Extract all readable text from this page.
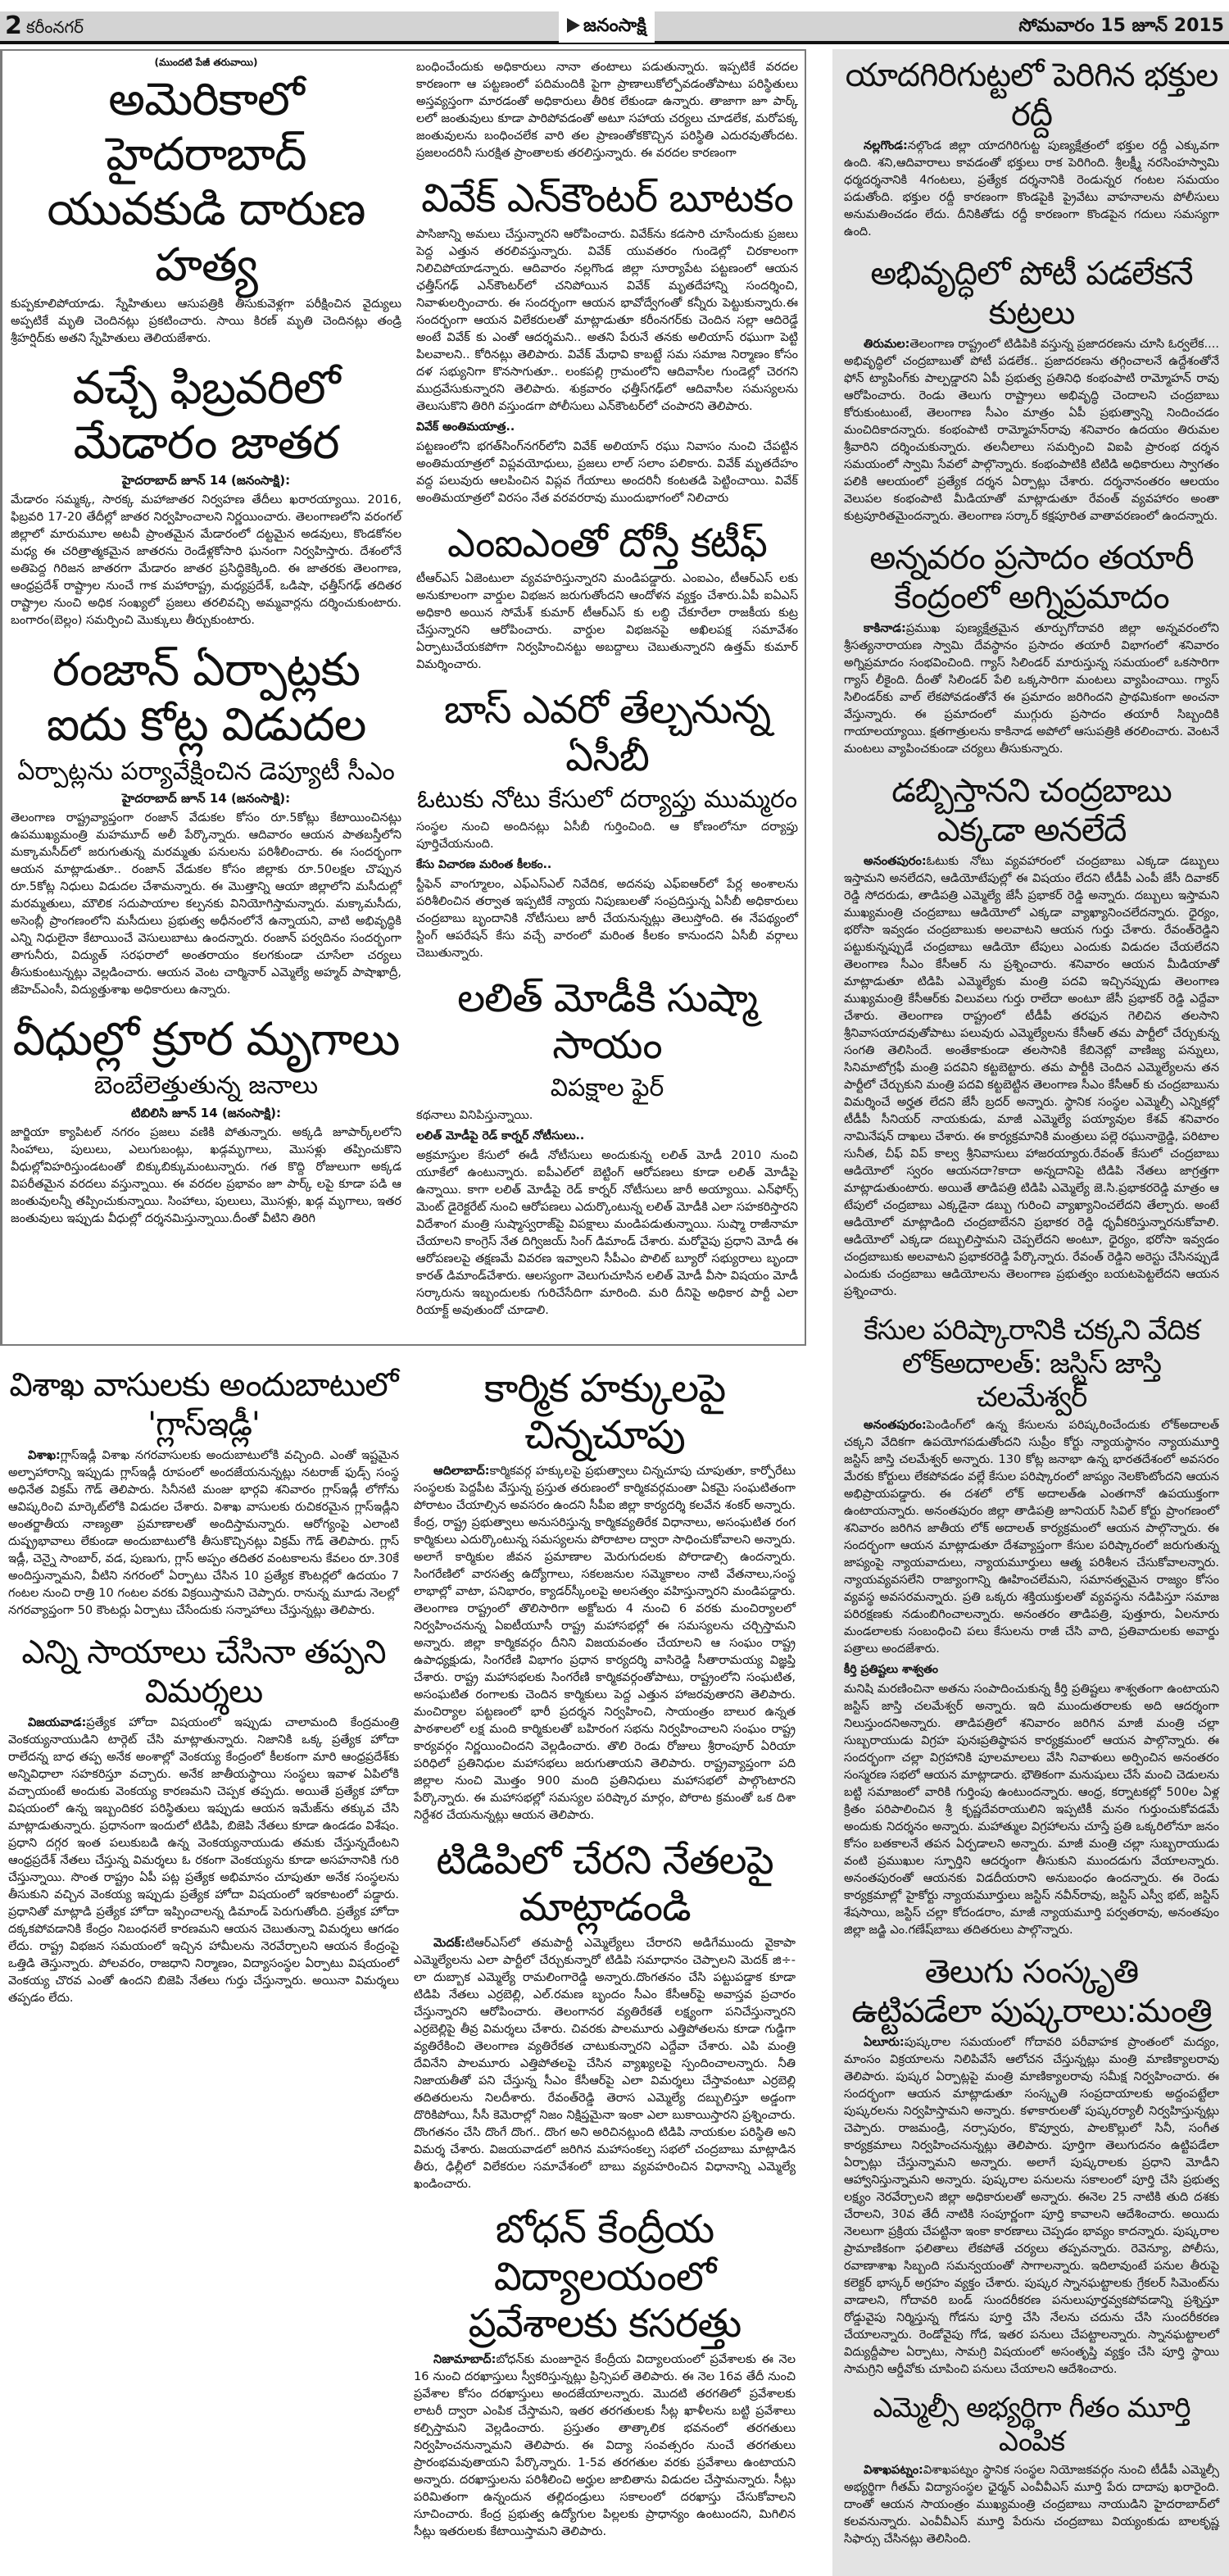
2 కరీంనగర్	జనంసాక్షి	సోమవారం 15 జూన్ 2015

(ముందటి పేజీ తరువాయి)

అమెరికాలో హైదరాబాద్
యువకుడి దారుణ హత్య

కుప్పకూలిపోయాడు. స్నేహితులు ఆసుపత్రికి తీసుకువెళ్లగా పరీక్షించిన వైద్యులు అప్పటికే మృతి చెందినట్లు ప్రకటించారు. సాయి కిరణ్ మృతి చెందినట్లు తండ్రి శ్రీహర్షిద్‌కు అతని స్నేహితులు తెలియజేశారు.

వచ్చే ఫిబ్రవరిలో
మేడారం జాతర

హైదరాబాద్ జూన్ 14 (జనంసాక్షి):

మేడారం సమ్మక్క, సారక్క మహాజాతర నిర్వహణ తేదీలు ఖరారయ్యాయి. 2016, ఫిబ్రవరి 17-20 తేదీల్లో జాతర నిర్వహించాలని నిర్ణయించారు. తెలంగాణలోని వరంగల్ జిల్లాలో మారుమూల అటవీ ప్రాంతమైన మేడారంలో దట్టమైన అడవులు, కొండకోనల మధ్య ఈ చరిత్రాత్మకమైన జాతరను రెండేళ్లకోసారి ఘనంగా నిర్వహిస్తారు. దేశంలోనే అతిపెద్ద గిరిజన జాతరగా మేడారం జాతర ప్రసిద్ధికెక్కింది. ఈ జాతరకు తెలంగాణ, ఆంధ్రప్రదేశ్ రాష్ట్రాల నుంచే గాక మహారాష్ట్ర, మధ్యప్రదేశ్, ఒడిషా, ఛత్తీస్‌గఢ్ తదితర రాష్ట్రాల నుంచి అధిక సంఖ్యలో ప్రజలు తరలివచ్చి అమ్మవార్లను దర్శించుకుంటారు. బంగారం(బెల్లం) సమర్పించి మొక్కులు తీర్చుకుంటారు.

రంజాన్ ఏర్పాట్లకు
ఐదు కోట్ల విడుదల

ఏర్పాట్లను పర్యావేక్షించిన డెప్యూటీ సీఎం

హైదరాబాద్ జూన్ 14 (జనంసాక్షి):

తెలంగాణ రాష్ట్రవ్యాప్తంగా రంజాన్ వేడుకల కోసం రూ.5కోట్లు కేటాయించినట్లు ఉపముఖ్యమంత్రి మహమూద్ అలీ పేర్కొన్నారు. ఆదివారం ఆయన పాతబస్తీలోని మక్కామసీద్‌లో జరుగుతున్న మరమ్మతు పనులను పరిశీలించారు. ఈ సందర్భంగా ఆయన మాట్లాడుతూ.. రంజాన్ వేడుకల కోసం జిల్లాకు రూ.50లక్షల చొప్పున రూ.5కోట్ల నిధులు విడుదల చేశామన్నారు. ఈ మొత్తాన్ని ఆయా జిల్లాలోని మసీదుల్లో మరమ్మతులు, మౌలిక సదుపాయాల కల్పనకు వినియోగిస్తామన్నారు. మక్కామసీదు, అసెంబ్లీ ప్రాంగణంలోని మసీదులు ప్రభుత్వ అధీనంలోనే ఉన్నాయని, వాటి అభివృద్ధికి ఎన్ని నిధులైనా కేటాయించే వెసులుబాటు ఉందన్నారు. రంజాన్ పర్వదినం సందర్భంగా తాగునీరు, విద్యుత్ సరఫరాలో అంతరాయం కలగకుండా చూసేలా చర్యలు తీసుకుంటున్నట్లు వెల్లడించారు. ఆయన వెంట చార్మినార్ ఎమ్మెల్యే అహ్మద్ పాషాఖాద్రీ, జీహెచ్ఎంసీ, విద్యుత్తుశాఖ అధికారులు ఉన్నారు.

వీధుల్లో క్రూర మృగాలు

బెంబేలెత్తుతున్న జనాలు

టిబిలిసి జూన్ 14 (జనంసాక్షి):

జార్జియా క్యాపిటల్ నగరం ప్రజలు వణికి పోతున్నారు. అక్కడి జూపార్క్‌లలోని సింహాలు, పులులు, ఎలుగుబంట్లు, ఖడ్గమృగాలు, మొసళ్లు తప్పించుకొని వీధుల్లోవిహరిస్తుండటంతో బిక్కుబిక్కుమంటున్నారు. గత కొద్ది రోజులుగా అక్కడ విపరీతమైన వరదలు వస్తున్నాయి. ఈ వరదల ప్రభావం జూ పార్క్ లపై కూడా పడి ఆ జంతువులన్నీ తప్పించుకున్నాయి. సింహాలు, పులులు, మొసళ్లు, ఖడ్గ మృగాలు, ఇతర జంతువులు ఇప్పుడు వీధుల్లో దర్శనమిస్తున్నాయి.దీంతో వీటిని తిరిగి

బంధించేందుకు అధికారులు నానా తంటాలు పడుతున్నారు. ఇప్పటికే వరదల కారణంగా ఆ పట్టణంలో పదిమందికి పైగా ప్రాణాలుకోల్పోవడంతోపాటు పరిస్థితులు అస్తవ్యస్తంగా మారడంతో అధికారులు తీరిక లేకుండా ఉన్నారు. తాజాగా జూ పార్క్ లలో జంతువులు కూడా పారిపోవడంతో అటూ సహాయ చర్యలు చూడలేక, మరోపక్క జంతువులను బంధించలేక వారి తల ప్రాణంతోకకొచ్చిన పరిస్థితి ఎదురవుతోందట. ప్రజలందరినీ సురక్షిత ప్రాంతాలకు తరలిస్తున్నారు. ఈ వరదల కారణంగా

వివేక్ ఎన్‌కౌంటర్ బూటకం

పాసిజాన్ని అమలు చేస్తున్నారని ఆరోపించారు. వివేక్‌ను కడసారి చూసేందుకు ప్రజలు పెద్ద ఎత్తున తరలివస్తున్నారు. వివేక్ యువతరం గుండెల్లో చిరకాలంగా నిలిచిపోయాడన్నారు. ఆదివారం నల్లగొండ జిల్లా సూర్యాపేట పట్టణంలో ఆయన ఛత్తీస్‌గఢ్ ఎన్‌కౌంటర్‌లో చనిపోయిన వివేక్ మృతదేహాన్ని సందర్శించి, నివాళులర్పించారు. ఈ సందర్భంగా ఆయన భావోద్వేగంతో కన్నీరు పెట్టుకున్నారు.ఈ సందర్భంగా ఆయన విలేకరులతో మాట్లాడుతూ కరీంనగర్‌కు చెందిన సల్లా ఆదిరెడ్డే అంటే వివేక్ కు ఎంతో ఆదర్శమని.. అతని పేరునే తనకు అలియాస్ రఘుగా పెట్టి పిలవాలని.. కోరినట్లు తెలిపారు. వివేక్ మేధావి కాబట్టే సమ సమాజ నిర్మాణం కోసం దళ సభ్యునిగా కొనసాగుతూ.. లంకపల్లి గ్రామంలోని ఆదివాసీల గుండెల్లో చెరగని ముద్రవేసుకున్నారని తెలిపారు. శుక్రవారం ఛత్తీస్‌గఢ్‌లో ఆదివాసీల సమస్యలను తెలుసుకొని తిరిగి వస్తుండగా పోలీసులు ఎన్‌కౌంటర్‌లో చంపారని తెలిపారు.

వివేక్ అంతిమయాత్ర..

పట్టణంలోని భగత్‌సింగ్‌నగర్‌లోని వివేక్ అలియాస్ రఘు నివాసం నుంచి చేపట్టిన అంతిమయాత్రలో విప్లవయోధులు, ప్రజలు లాల్ సలాం పలికారు. వివేక్ మృతదేహం వద్ద పలువురు ఆలపించిన విప్లవ గేయాలు అందరినీ కంటతడి పెట్టించాయి. వివేక్ అంతిమయాత్రలో విరసం నేత వరవరరావు ముందుభాగంలో నిలిచారు

ఎంఐఎంతో దోస్తీ కటీఫ్

టీఆర్ఎస్ ఏజెంటులా వ్యవహరిస్తున్నారని మండిపడ్డారు. ఎంఐఎం, టీఆర్ఎస్ లకు అనుకూలంగా వార్డుల విభజన జరుగుతోందని ఆందోళన వ్యక్తం చేశారు.ఏపీ ఐఏఎస్ అధికారి అయిన సోమేశ్ కుమార్ టీఆర్ఎస్ కు లబ్ధి చేకూరేలా రాజకీయ కుట్ర చేస్తున్నారని ఆరోపించారు. వార్డుల విభజనపై అఖిలపక్ష సమావేశం ఏర్పాటుచేయకపోగా నిర్వహించినట్టు అబద్దాలు చెబుతున్నారని ఉత్తమ్ కుమార్ విమర్శించారు.

బాస్ ఎవరో తేల్చనున్న ఏసీబీ

ఓటుకు నోటు కేసులో దర్యాప్తు ముమ్మరం

సంస్థల నుంచి అందినట్లు ఏసీబీ గుర్తించింది. ఆ కోణంలోనూ దర్యాప్తు పూర్తిచేయనుంది.

కేసు విచారణ మరింత కీలకం..

స్టీఫెన్ వాంగ్మూలం, ఎఫ్ఎస్ఎల్ నివేదిక, అదనపు ఎఫ్ఐఆర్‌లో పేర్ల అంశాలను పరిశీలించిన తర్వాత ఇప్పటికే న్యాయ నిపుణులతో సంప్రదిస్తున్న ఏసీబీ అధికారులు చంద్రబాబు బృందానికి నోటీసులు జారీ చేయనున్నట్లు తెలుస్తోంది. ఈ నేపథ్యంలో స్టింగ్ ఆపరేషన్ కేసు వచ్చే వారంలో మరింత కీలకం కానుందని ఏసీబీ వర్గాలు చెబుతున్నారు.

లలిత్ మోడీకి సుష్మా సాయం

విపక్షాల ఫైర్

కథనాలు వినిపిస్తున్నాయి.

లలిత్ మోడీపై రెడ్ కార్నర్ నోటీసులు..

అక్రమాస్తుల కేసులో ఈడీ నోటీసులు అందుకున్న లలిత్ మోడీ 2010 నుంచి యూకేలో ఉంటున్నారు. ఐపీఎల్‌లో బెట్టింగ్ ఆరోపణలు కూడా లలిత్ మోడీపై ఉన్నాయి. కాగా లలిత్ మోడీపై రెడ్ కార్నర్ నోటీసులు జారీ అయ్యాయి. ఎన్‌ఫోర్స్ మెంట్ డైరెక్టరేట్ నుంచి ఆరోపణలు ఎదుర్కొంటున్న లలిత్ మోడీకి ఎలా సహకరిస్తారని విదేశాంగ మంత్రి సుష్మాస్వరాజ్‌పై విపక్షాలు మండిపడుతున్నాయి. సుష్మా రాజీనామా చేయాలని కాంగ్రెస్ నేత దిగ్విజయ్ సింగ్ డిమాండ్ చేశారు. మరోవైపు ప్రధాని మోడీ ఈ ఆరోపణలపై తక్షణమే వివరణ ఇవ్వాలని సీపీఎం పొలిట్ బ్యూరో సభ్యురాలు బృందా కారత్ డిమాండ్‌చేశారు. ఆలస్యంగా వెలుగుచూసిన లలిత్ మోడీ వీసా విషయం మోడీ సర్కారును ఇబ్బందులకు గురిచేసేదిగా మారింది. మరి దీనిపై అధికార పార్టీ ఎలా రియాక్ట్ అవుతుందో చూడాలి.

విశాఖ వాసులకు అందుబాటులో 'గ్లాస్‌ఇడ్లీ'

విశాఖ:గ్లాస్‌ఇడ్లీ విశాఖ నగరవాసులకు అందుబాటులోకి వచ్చింది. ఎంతో ఇష్టమైన అల్పాహారాన్ని ఇప్పుడు గ్లాస్‌ఇడ్లీ రూపంలో అందజేయనున్నట్లు నటరాజ్ ఫుడ్స్ సంస్థ అధినేత విక్రమ్ గౌడ్ తెలిపారు. సినీనటి మంజు భార్గవి శనివారం గ్లాస్‌ఇడ్లీ లోగోను ఆవిష్కరించి మార్కెట్‌లోకి విడుదల చేశారు. విశాఖ వాసులకు రుచికరమైన గ్లాస్‌ఇడ్లీని అంతర్జాతీయ నాణ్యతా ప్రమాణాలతో అందిస్తామన్నారు. ఆరోగ్యంపై ఎలాంటి దుష్ప్రభావాలు లేకుండా అందుబాటులోకి తీసుకొచ్చినట్లు విక్రమ్ గౌడ్ తెలిపారు. గ్లాస్ ఇడ్లీ, చెన్నై సాంబార్, వడ, పుణుగు, గ్లాస్ అప్పం తదితర వంటకాలను కేవలం రూ.30కే అందిస్తున్నామని, వీటిని నగరంలో ఏర్పాటు చేసిన 10 ప్రత్యేక కౌంటర్లలో ఉదయం 7 గంటల నుంచి రాత్రి 10 గంటల వరకు విక్రయిస్తామని చెప్పారు. రానున్న మూడు నెలల్లో నగరవ్యాప్తంగా 50 కౌంటర్లు ఏర్పాటు చేసేందుకు సన్నాహాలు చేస్తున్నట్లు తెలిపారు.

ఎన్ని సాయాలు చేసినా తప్పని విమర్శలు

విజయవాడ:ప్రత్యేక హోదా విషయంలో ఇప్పుడు చాలామంది కేంద్రమంత్రి వెంకయ్యనాయుడిని టార్గెట్ చేసి మాట్లాతున్నారు. నిజానికి ఒక్క ప్రత్యేక హోదా రాలేదన్న బాధ తప్ప అనేక అంశాల్లో వెంకయ్య కేంద్రంలో కీలకంగా మారి ఆంధ్రప్రదేశ్‌కు అన్నివిధాలా సహకరిస్తూ వచ్చారు. అనేక జాతీయస్థాయి సంస్థలు ఇవాళ ఏపిలోకి వచ్చాయంటే అందుకు వెంకయ్య కారణమని చెప్పక తప్పదు. అయితే ప్రత్యేక హోదా విషయంలో ఉన్న ఇబ్బందికర పరిస్థితులు ఇప్పుడు ఆయన ఇమేజ్‌ను తక్కువ చేసి మాట్లాడుతున్నారు. ప్రధానంగా ఇందులో టిడిపి, బిజెపి నేతలు కూడా ఉండడం విశేషం. ప్రధాని దగ్గర ఇంత పలుకుబడి ఉన్న వెంకయ్యనాయుడు తమకు చేస్తున్నదేంటని ఆంధ్రప్రదేశ్ నేతలు చేస్తున్న విమర్శలు ఓ రకంగా వెంకయ్యను కూడా అసహనానికి గురి చేస్తున్నాయి. సొంత రాష్ట్రం ఏపీ పట్ల ప్రత్యేక అభిమానం చూపుతూ అనేక సంస్థలను తీసుకుని వచ్చిన వెంకయ్య ఇప్పుడు ప్రత్యేక హోదా విషయంలో ఇరకాటంలో పడ్డారు. ప్రధానితో మాట్లాడి ప్రత్యేక హోదా ఇప్పించాలన్న డిమాండ్ పెరుగుతోంది. ప్రత్యేక హోదా దక్కకపోవడానికి కేంద్రం నిబంధనలే కారణమని ఆయన చెబుతున్నా విమర్శలు ఆగడం లేదు. రాష్ట్ర విభజన సమయంలో ఇచ్చిన హామీలను నెరవేర్చాలని ఆయన కేంద్రంపై ఒత్తిడి తెస్తున్నారు. పోలవరం, రాజధాని నిర్మాణం, విద్యాసంస్థల ఏర్పాటు విషయంలో వెంకయ్య చొరవ ఎంతో ఉందని బిజెపి నేతలు గుర్తు చేస్తున్నారు. అయినా విమర్శలు తప్పడం లేదు.

కార్మిక హక్కులపై చిన్నచూపు

ఆదిలాబాద్:కార్మికవర్గ హక్కులపై ప్రభుత్వాలు చిన్నచూపు చూపుతూ, కార్పోరేటు సంస్థలకు పెద్దపీట వేస్తున్న ప్రస్తుత తరుణంలో కార్మికవర్గమంతా ఏకమై సంఘటితంగా పోరాటం చేయాల్సిన అవసరం ఉందని సీపీఐ జిల్లా కార్యదర్శి కలవేన శంకర్ అన్నారు. కేంద్ర, రాష్ట్ర ప్రభుత్వాలు అనుసరిస్తున్న కార్మికవ్యతిరేక విధానాలు, అసంఘటిత రంగ కార్మికులు ఎదుర్కొంటున్న సమస్యలను పోరాటాల ద్వారా సాధించుకోవాలని అన్నారు. అలాగే కార్మికుల జీవన ప్రమాణాల మెరుగుదలకు పోరాడాల్సి ఉందన్నారు. సింగరేణిలో వారసత్వ ఉద్యోగాలు, సకలజనుల సమ్మెకాలం నాటి వేతనాలు,సంస్థ లాభాల్లో వాటా, పనిభారం, క్యాడర్‌స్కీంలపై అలసత్వం వహిస్తున్నారని మండిపడ్డారు. తెలంగాణ రాష్ట్రంలో తొలిసారిగా అక్టోబరు 4 నుంచి 6 వరకు మంచిర్యాలలో నిర్వహించనున్న ఏఐటీయూసీ రాష్ట్ర మహాసభల్లో ఈ సమస్యలను చర్చిస్తామని అన్నారు. జిల్లా కార్మికవర్గం దీనిని విజయవంతం చేయాలని ఆ సంఘం రాష్ట్ర ఉపాధ్యక్షుడు, సింగరేణి విభాగం ప్రధాన కార్యదర్శి వాసిరెడ్డి సీతారామయ్య విజ్ఞప్తి చేశారు. రాష్ట్ర మహాసభలకు సింగరేణి కార్మికవర్గంతోపాటు, రాష్ట్రంలోని సంఘటిత, అసంఘటిత రంగాలకు చెందిన కార్మికులు పెద్ద ఎత్తున హాజరవుతారని తెలిపారు. మంచిర్యాల పట్టణంలో భారీ ప్రదర్శన నిర్వహించి, సాయంత్రం బాలుర ఉన్నత పాఠశాలలో లక్ష మంది కార్మికులతో బహిరంగ సభను నిర్వహించాలని సంఘం రాష్ట్ర కార్యవర్గం నిర్ణయించిందని వెల్లడించారు. తొలి రెండు రోజులు శ్రీరాంపూర్ ఏరియా పరిధిలో ప్రతినిధుల మహాసభలు జరుగుతాయని తెలిపారు. రాష్ట్రవ్యాప్తంగా పది జిల్లాల నుంచి మొత్తం 900 మంది ప్రతినిధులు మహాసభలో పాల్గొంటారని పేర్కొన్నారు. ఈ మహాసభల్లో సమస్యల పరిష్కార మార్గం, పోరాట క్రమంతో ఒక దిశా నిర్దేశర చేయనున్నట్లు ఆయన తెలిపారు.

టిడిపిలో చేరని నేతలపై మాట్లాడండి

మెదక్:టిఆర్ఎస్‌లో తమపార్టీ ఎమ్మెల్యేలు చేరారని అడిగేముందు వైకాపా ఎమ్మెల్యేలను ఎలా పార్టీలో చేర్చుకున్నారో టిడిపి సమాధానం చెప్పాలని మెదక్ జి÷-లా దుబ్బాక ఎమ్మెల్యే రామలింగారెడ్డి అన్నారు.దొంగతనం చేసి పట్టుపడ్డాక కూడా టిడిపి నేతలు ఎర్రబెల్లి, ఎల్.రమణ బృందం సీఎం కేసీఆర్‌పై అవాస్తవ ప్రచారం చేస్తున్నారని ఆరోపించారు. తెలంగానర వ్యతిరేకతే లక్ష్యంగా పనిచేస్తున్నారని ఎర్రబెల్లిపై తీవ్ర విమర్శలు చేశారు. చివరకు పాలమూరు ఎత్తిపోతలను కూడా గుడ్డిగా వ్యతిరేకించి తెలంగాణ వ్యతిరేకత చాటుకున్నారని ఎద్దేవా చేశారు. ఎపి మంత్రి దేవినేని పాలమూరు ఎత్తిపోతలపై చేసిన వ్యాఖ్యలపై స్పందించాలన్నారు. నీతి నిజాయతీతో పని చేస్తున్న సీఎం కేసీఆర్‌పై ఎలా విమర్శలు చేస్తావంటూ ఎర్రబెల్లి తదితరులను నిలదీశారు. రేవంత్‌రెడ్డి తెరాస ఎమ్మెల్యే దబ్బులిస్తూ అడ్డంగా దొరికిపోయి, సీసీ కెమెరాల్లో నిజం నిక్షిప్తమైనా ఇంకా ఎలా బుకాయిస్తారని ప్రశ్నించారు. దొంగతనం చేసి దొంగే దొంగ.. దొంగ అని అరిచినట్లుంది టిడిపి నాయకుల పరిస్థితి అని విమర్శ చేశారు. విజయవాడలో జరిగిన మహాసంకల్ప సభలో చంద్రబాబు మాట్లాడిన తీరు, ఢిల్లీలో విలేకరుల సమావేశంలో బాబు వ్యవహరించిన విధానాన్ని ఎమ్మెల్యే ఖండించారు.

బోధన్ కేంద్రీయ
విద్యాలయంలో ప్రవేశాలకు కసరత్తు

నిజామాబాద్:బోధన్‌కు మంజూరైన కేంద్రీయ విద్యాలయంలో ప్రవేశాలకు ఈ నెల 16 నుంచి దరఖాస్తులు స్వీకరిస్తున్నట్లు ప్రిన్సిపల్ తెలిపారు. ఈ నెల 16వ తేదీ నుంచి ప్రవేశాల కోసం దరఖాస్తులు అందజేయాలన్నారు. మొదటి తరగతిలో ప్రవేశాలకు లాటరీ ద్వారా ఎంపిక చేస్తామని, ఇతర తరగతులకు సీట్ల ఖాళీలను బట్టి ప్రవేశాలు కల్పిస్తామని వెల్లడించారు. ప్రస్తుతం తాత్కాలిక భవనంలో తరగతులు నిర్వహించనున్నామని తెలిపారు. ఈ విద్యా సంవత్సరం నుంచే తరగతులు ప్రారంభమవుతాయని పేర్కొన్నారు. 1-5వ తరగతుల వరకు ప్రవేశాలు ఉంటాయని అన్నారు. దరఖాస్తులను పరిశీలించి అర్హుల జాబితాను విడుదల చేస్తామన్నారు. సీట్లు పరిమితంగా ఉన్నందున తల్లిదండ్రులు సకాలంలో దరఖాస్తు చేసుకోవాలని సూచించారు. కేంద్ర ప్రభుత్వ ఉద్యోగుల పిల్లలకు ప్రాధాన్యం ఉంటుందని, మిగిలిన సీట్లు ఇతరులకు కేటాయిస్తామని తెలిపారు.

యాదగిరిగుట్టలో పెరిగిన భక్తుల రద్దీ

నల్లగొండ:నల్గొండ జిల్లా యాదగిరిగుట్ట పుణ్యక్షేత్రంలో భక్తుల రద్దీ ఎక్కువగా ఉంది. శని,ఆదివారాలు కావడంతో భక్తులు రాక పెరిగింది. శ్రీలక్ష్మీ నరసింహస్వామి ధర్మదర్శనానికి 4గంటలు, ప్రత్యేక దర్శనానికి రెండున్నర గంటల సమయం పడుతోంది. భక్తుల రద్దీ కారణంగా కొండపైకి ప్రైవేటు వాహనాలను పోలీసులు అనుమతించడం లేదు. దీనికితోడు రద్దీ కారణంగా కొండపైన గదులు సమస్యగా ఉంది.

అభివృద్ధిలో పోటీ పడలేకనే కుట్రలు

తిరుమల:తెలంగాణ రాష్ట్రంలో టిడిపికి వస్తున్న ప్రజాదరణను చూసి ఓర్వలేక.... అభివృద్ధిలో చంద్రబాబుతో పోటీ పడలేక.. ప్రజాదరణను తగ్గించాలనే ఉద్దేశంతోనే ఫోన్ ట్యాపింగ్‌కు పాల్పడ్డారని ఏపీ ప్రభుత్వ ప్రతినిధి కంభంపాటి రామ్మోహన్ రావు ఆరోపించారు. రెండు తెలుగు రాష్ట్రాలు అభివృద్ధి చెందాలని చంద్రబాబు కోరుకుంటుంటే, తెలంగాణ సీఎం మాత్రం ఏపీ ప్రభుత్వాన్ని నిందించడం మంచిదికాదన్నారు. కంభంపాటి రామ్మోహన్‌రావు శనివారం ఉదయం తిరుమల శ్రీవారిని దర్శించుకున్నారు. తలనీలాలు సమర్పించి విఐపి ప్రారంభ దర్శన సమయంలో స్వామి సేవలో పాల్గొన్నారు. కంభంపాటికి టిటిడి అధికారులు స్వాగతం పలికి ఆలయంలో ప్రత్యేక దర్శన ఏర్పాట్లు చేశారు. దర్శనానంతరం ఆలయం వెలుపల కంభంపాటి మీడియాతో మాట్లాడుతూ రేవంత్ వ్యవహారం అంతా కుట్రపూరితమైందన్నారు. తెలంగాణ సర్కార్ కక్షపూరిత వాతావరణంలో ఉందన్నారు.

అన్నవరం ప్రసాదం తయారీ
కేంద్రంలో అగ్నిప్రమాదం

కాకినాడ:ప్రముఖ పుణ్యక్షేత్రమైన తూర్పుగోదావరి జిల్లా అన్నవరంలోని శ్రీసత్యనారాయణ స్వామి దేవస్థానం ప్రసాదం తయారీ విభాగంలో శనివారం అగ్నిప్రమాదం సంభవించింది. గ్యాస్ సిలిండర్ మారుస్తున్న సమయంలో ఒకసారిగా గ్యాస్ లీకైంది. దీంతో సిలిండర్ పేలి ఒక్కసారిగా మంటలు వ్యాపించాయి. గ్యాస్ సిలిండర్‌కు వాల్ లేకపోవడంతోనే ఈ ప్రమాదం జరిగిందని ప్రాథమికంగా అంచనా వేస్తున్నారు. ఈ ప్రమాదంలో ముగ్గురు ప్రసాదం తయారీ సిబ్బందికి గాయాలయ్యాయి. క్షతగాత్రులను కాకినాడ అపోలో ఆసుపత్రికి తరలించారు. వెంటనే మంటలు వ్యాపించకుండా చర్యలు తీసుకున్నారు.

డబ్బిస్తానని చంద్రబాబు ఎక్కడా అనలేదే

అనంతపురం:ఓటుకు నోటు వ్యవహారంలో చంద్రబాబు ఎక్కడా డబ్బులు ఇస్తామని అనలేదని, ఆడియోటేపుల్లో ఈ విషయం లేదని టీడీపీ ఎంపీ జేసీ దివాకర్ రెడ్డి సోదరుడు, తాడిపత్రి ఎమ్మెల్యే జేసీ ప్రభాకర్ రెడ్డి అన్నారు. దబ్బులు ఇస్తామని ముఖ్యమంత్రి చంద్రబాబు ఆడియోలో ఎక్కడా వ్యాఖ్యానించలేదన్నారు. ధైర్యం, భరోసా ఇవ్వడం చంద్రబాబుకు అలవాటని ఆయన గుర్తు చేశారు. రేవంత్‌రెడ్డిని పట్టుకున్నప్పుడే చంద్రబాబు ఆడియో టేపులు ఎందుకు విడుదల చేయలేదని తెలంగాణ సీఎం కేసీఆర్ ను ప్రశ్నించారు. శనివారం ఆయన మీడియాతో మాట్లాడుతూ టిడిపి ఎమ్మెల్యేకు మంత్రి పదవి ఇచ్చినప్పుడు తెలంగాణ ముఖ్యమంత్రి కేసీఆర్‌కు విలువలు గుర్తు రాలేదా అంటూ జేసీ ప్రభాకర్ రెడ్డి ఎద్దేవా చేశారు. తెలంగాణ రాష్ట్రంలో టీడీపీ తరఫున గెలిచిన తలసాని శ్రీనివాసయాదవుతోపాటు పలువురు ఎమ్మెల్యేలను కేసీఆర్ తమ పార్టీలో చేర్చుకున్న సంగతి తెలిసిందే. అంతేకాకుండా తలసానికి కేబినెట్లో వాణిజ్య పన్నులు, సినిమాటోగ్రఫీ మంత్రి పదవిని కట్టబెట్టారు. తమ పార్టీకి చెందిన ఎమ్మెల్యేలను తన పార్టీలో చేర్చుకుని మంత్రి పదవి కట్టబెట్టిన తెలంగాణ సీఎం కేసీఆర్ కు చంద్రబాబును విమర్శించే అర్హత లేదని జేసీ బ్రదర్ అన్నారు. స్థానిక సంస్థల ఎమ్మెల్సీ ఎన్నికల్లో టీడీపీ సీనియర్ నాయకుడు, మాజీ ఎమ్మెల్యే పయ్యావుల కేశవ్ శనివారం నామినేషన్ దాఖలు చేశారు. ఈ కార్యక్రమానికి మంత్రులు పల్లె రఘునాథ్రెడ్డి, పరిటాల సునీత, చీఫ్ విప్ కాల్వ శ్రీనివాసులు హాజరయ్యారు.రేవంత్ కేసులో చంద్రబాబు ఆడియోలో స్వరం ఆయనదా?కాదా అన్నదానిపై టిడిపి నేతలు జాగ్రత్తగా మాట్లాడుతుంటారు. అయితే తాడిపత్రి టిడిపి ఎమ్మెల్యే జె.సి.ప్రభాకరరెడ్డి మాత్రం ఆ టేపులో చంద్రబాబు ఎక్కడైనా డబ్బు గురించి వ్యాఖ్యానించలేదని తేల్చారు. అంటే ఆడియోలో మాట్లాడింది చంద్రబాబేనని ప్రభాకర రెడ్డి ధృవీకరిస్తున్నారనుకోవాలి. ఆడియోలో ఎక్కడా దబ్బులిస్తామని చెప్పలేదని అంటూ, ధైర్యం, భరోసా ఇవ్వడం చంద్రబాబుకు అలవాటని ప్రభాకరరెడ్డి పేర్కొన్నారు. రేవంత్ రెడ్డిని అరెస్టు చేసినప్పుడే ఎందుకు చంద్రబాబు ఆడియోలను తెలంగాణ ప్రభుత్వం బయటపెట్టలేదని ఆయన ప్రశ్నించారు.

కేసుల పరిష్కారానికి చక్కని వేదిక
లోక్‌అదాలత్: జస్టిస్ జాస్తి చలమేశ్వర్

అనంతపురం:పెండింగ్‌లో ఉన్న కేసులను పరిష్కరించేందుకు లోక్‌అదాలత్ చక్కని వేదికగా ఉపయోగపడుతోందని సుప్రీం కోర్టు న్యాయస్థానం న్యాయమూర్తి జస్టిస్ జాస్తి చలమేశ్వర్ అన్నారు. 130 కోట్ల జనాభా ఉన్న భారతదేశంలో అవసరం మేరకు కోర్టులు లేకపోవడం వల్లే కేసుల పరిష్కారంలో జాప్యం నెలకొంటోందని ఆయన అభిప్రాయపడ్డారు. ఈ దశలో లోక్ అదాలత్‌ఉ ఎంతగానో ఉపయుక్తంగా ఉంటాయన్నారు. అనంతపురం జిల్లా తాడిపత్రి జూనియర్ సివిల్ కోర్టు ప్రాంగణంలో శనివారం జరిగిన జాతీయ లోక్ అదాలత్ కార్యక్రమంలో ఆయన పాల్గొన్నారు. ఈ సందర్భంగా ఆయన మాట్లాడుతూ దేశవ్యాప్తంగా కేసుల పరిష్కారంలో జరుగుతున్న జాప్యంపై న్యాయవాదులు, న్యాయమూర్తులు ఆత్మ పరిశీలన చేసుకోవాలన్నారు. న్యాయవ్యవసలేని రాజ్యాంగాన్ని ఊహించలేమని, సమానత్వమైన రాజ్యం కోసం వ్యవస్థ అవసరమన్నారు. ప్రతి ఒక్కరు శక్తియుక్తులతో వ్యవస్థను నడిపిస్తూ సమాజ పరిరక్షణకు నడుంబిగించాలన్నారు. అనంతరం తాడిపత్రి, పుత్తూరు, ఏలనూరు మండలాలకు సంబంధించి పలు కేసులను రాజీ చేసి వాది, ప్రతివాదులకు అవార్డు పత్రాలు అందజేశారు.

కీర్తి ప్రతిష్టలు శాశ్వతం

మనిషి మరణించినా అతను సంపాదించుకున్న కీర్తి ప్రతిష్టలు శాశ్వతంగా ఉంటాయని జస్టిస్ జాస్తి చలమేశ్వర్ అన్నారు. ఇది ముందుతరాలకు అది ఆదర్శంగా నిలుస్తుందనిఅన్నారు. తాడిపత్రిలో శనివారం జరిగిన మాజీ మంత్రి చల్లా సుబ్బరాయుడు విగ్రహ పునఃప్రతిష్ఠాపన కార్యక్రమంలో ఆయన పాల్గొన్నారు. ఈ సందర్భంగా చల్లా విగ్రహానికి పూలమాలలు వేసి నివాళులు అర్పించిన అనంతరం సంస్మరణ సభలో ఆయన మాట్లాడారు. భౌతికంగా మనుషులు చేసే మంచి చెడులను బట్టి సమాజంలో వారికి గుర్తింపు ఉంటుందన్నారు. ఆంధ్ర, కర్నాటకల్లో 500ల ఏళ్ల క్రితం పరిపాలించిన శ్రీ కృష్ణదేవరాయులిని ఇప్పటికీ మనం గుర్తుంచుకోవడమే అందుకు నిదర్శనం అన్నారు. మహాత్ముల విగ్రహాలను చూస్తే ప్రతి ఒక్కరిలోనూ జనం కోసం బతకాలనే తపన ఏర్పడాలని అన్నారు. మాజీ మంత్రి చల్లా సుబ్బరాయుడు వంటి ప్రముఖుల స్ఫూర్తిని ఆదర్శంగా తీసుకుని ముందడుగు వేయాలన్నారు. అనంతపురంతో ఆయనకు విడదీయరాని అనుబంధం ఉందన్నారు. ఈ రెండు కార్యక్రమాల్లో హైకోర్టు న్యాయమూర్తులు జస్టిస్ నవీన్‌రావు, జస్టిస్ ఎస్వీ భట్, జస్టిస్ శేషసాయి, జస్టిస్ చల్లా కోదండరాం, మాజీ న్యాయమూర్తి పర్వతరావు, అనంతపుం జిల్లా జడ్జి ఎం.గణేష్‌బాబు తదితరులు పాల్గొన్నారు.

తెలుగు సంస్కృతి
ఉట్టిపడేలా పుష్కరాలు:మంత్రి

ఏలూరు:పుష్కరాల సమయంలో గోదావరి పరీవాహక ప్రాంతంలో మద్యం, మాంసం విక్రయాలను నిలిపివేసే ఆలోచన చేస్తున్నట్లు మంత్రి మాణిక్యాలరావు తెలిపారు. పుష్కర ఏర్పాట్లపై మంత్రి మాణిక్యాలరావు సమీక్ష నిర్వహించారు. ఈ సందర్భంగా ఆయన మాట్లాడుతూ సంస్కృతి సంప్రదాయాలకు అద్దంపట్టేలా పుష్కరలను నిర్వహిస్తామని అన్నారు. కళాకారులతో పుష్కరర్యాలీ నిర్వహిస్తున్నట్లు చెప్పారు. రాజమండ్రి, నర్సాపురం, కొవ్వూరు, పాలకొల్లులో సినీ, సంగీత కార్యక్రమాలు నిర్వహించనున్నట్లు తెలిపారు. పూర్తిగా తెలుగుదనం ఉట్టిపడేలా ఏర్పాట్లు చేస్తున్నామని అన్నారు. అలాగే పుష్కరాలకు ప్రధాని మోడీని ఆహ్వానిస్తున్నామని అన్నారు. పుష్కరాల పనులను సకాలంలో పూర్తి చేసి ప్రభుత్వ లక్ష్యం నెరవేర్చాలని జిల్లా అధికారులతో అన్నారు. ఈనెల 25 నాటికి తుది దశకు చేరాలని, 30వ తేదీ నాటికి సంపూర్ణంగా పూర్తి కావాలని ఆదేశించారు. అయిదు నెలలుగా ప్రక్రియ చేపట్టినా ఇంకా కారణాలు చెప్పడం భావ్యం కాదన్నారు. పుష్కరాల ప్రామాణికంగా ఫలితాలు లేకపోతే చర్యలు తప్పవన్నారు. రెవెన్యూ, పోలీసు, రవాణాశాఖ సిబ్బంది సమన్వయంతో సాగాలన్నారు. ఇదిలావుంటే పనుల తీరుపై కలెక్టర్ భాస్కర్ అగ్రహం వ్యక్తం చేశారు. పుష్కర స్నానఘట్టాలకు గ్రేకలర్ సిమెంట్‌ను వాడాలని, గోదావరి బండ్ సుందరీకరణ పనులుపూర్తవ్వకపోవడాన్ని ప్రశ్నిస్తూ రోడ్డువైపు నిర్మిస్తున్న గోడను పూర్తి చేసి నేలను చదును చేసి సుందరీకరణ చేయాలన్నారు. రెండోవైపు గోడ, ఇతర పనులు చేపట్టాలన్నారు. స్నానఘట్టాలలో విద్యుద్దీపాల ఏర్పాటు, సామగ్రి విషయంలో అసంతృప్తి వ్యక్తం చేసి పూర్తి స్థాయి సామగ్రిని ఆర్డీవోకు చూపించి పనులు చేయాలని ఆదేశించారు.

ఎమ్మెల్సీ అభ్యర్థిగా గీతం మూర్తి ఎంపిక

విశాఖపట్నం:విశాఖపట్నం స్థానిక సంస్థల నియోజకవర్గం నుంచి టీడీపీ ఎమ్మెల్సీ అభ్యర్థిగా గీతమ్ విద్యాసంస్థల ఛైర్మన్ ఎంవీవీఎస్ మూర్తి పేరు దాదాపు ఖరారైంది. దాంతో ఆయన సాయంత్రం ముఖ్యమంత్రి చంద్రబాబు నాయుడిని హైదరాబాద్‌లో కలవనున్నారు. ఎంవీవీఎస్ మూర్తి పేరును చంద్రబాబు వియ్యంకుడు బాలకృష్ణ సిఫార్సు చేసినట్లు తెలిసింది.
